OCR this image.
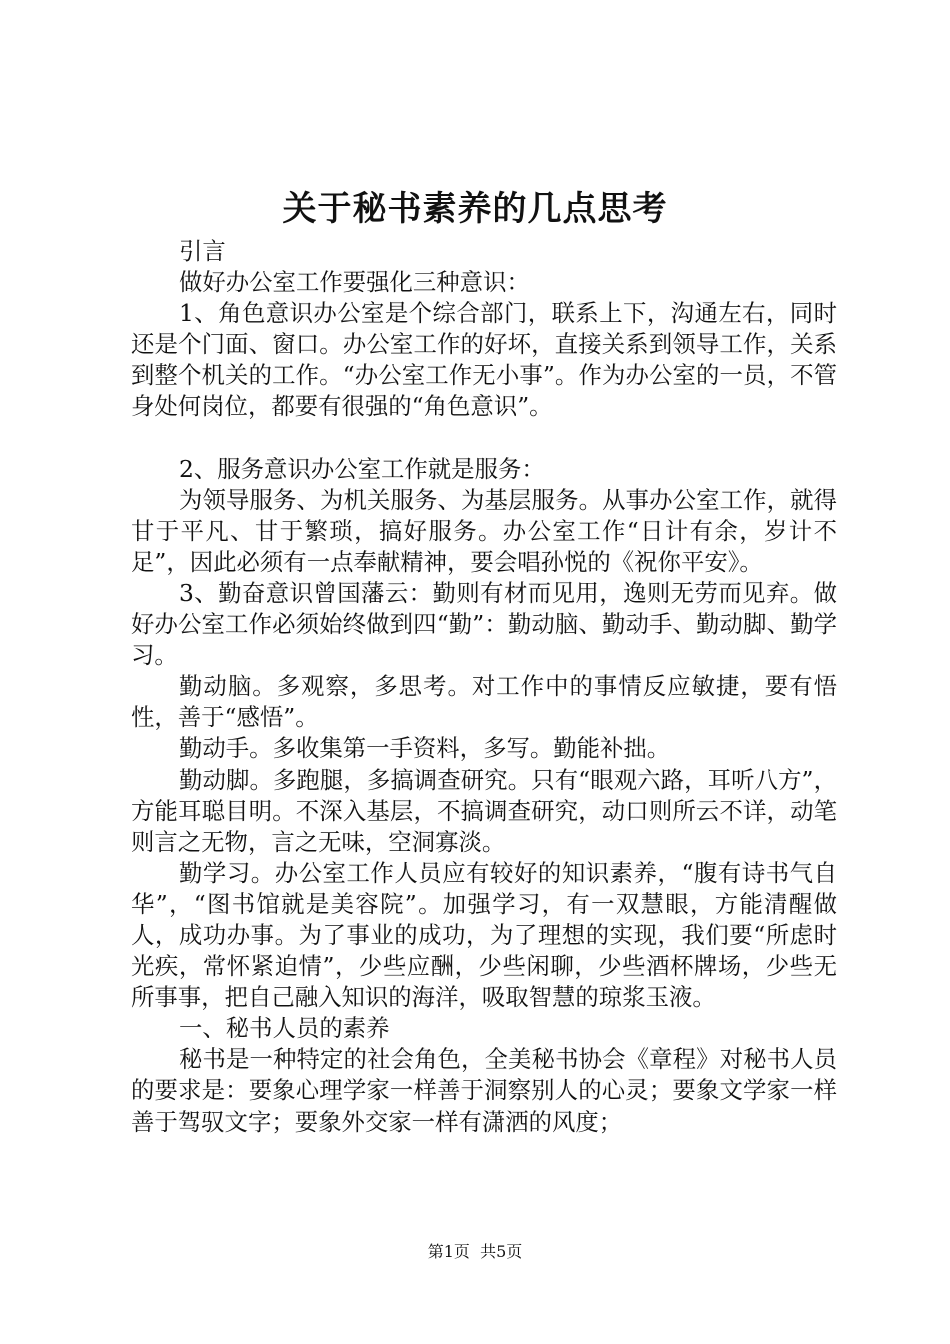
关于秘书素养的几点思考

引言

做好办公室工作要强化三种意识：

1、角色意识办公室是个综合部门，联系上下，沟通左右，同时还是个门面、窗口。办公室工作的好坏，直接关系到领导工作，关系到整个机关的工作。“办公室工作无小事”。作为办公室的一员，不管身处何岗位，都要有很强的“角色意识”。

2、服务意识办公室工作就是服务：

为领导服务、为机关服务、为基层服务。从事办公室工作，就得甘于平凡、甘于繁琐，搞好服务。办公室工作“日计有余，岁计不足”，因此必须有一点奉献精神，要会唱孙悦的《祝你平安》。

3、勤奋意识曾国藩云：勤则有材而见用，逸则无劳而见弃。做好办公室工作必须始终做到四“勤”：勤动脑、勤动手、勤动脚、勤学习。

勤动脑。多观察，多思考。对工作中的事情反应敏捷，要有悟性，善于“感悟”。

勤动手。多收集第一手资料，多写。勤能补拙。

勤动脚。多跑腿，多搞调查研究。只有“眼观六路，耳听八方”，方能耳聪目明。不深入基层，不搞调查研究，动口则所云不详，动笔则言之无物，言之无味，空洞寡淡。

勤学习。办公室工作人员应有较好的知识素养，“腹有诗书气自华”，“图书馆就是美容院”。加强学习，有一双慧眼，方能清醒做人，成功办事。为了事业的成功，为了理想的实现，我们要“所虑时光疾，常怀紧迫情”，少些应酬，少些闲聊，少些酒杯牌场，少些无所事事，把自己融入知识的海洋，吸取智慧的琼浆玉液。

一、秘书人员的素养

秘书是一种特定的社会角色，全美秘书协会《章程》对秘书人员的要求是：要象心理学家一样善于洞察别人的心灵；要象文学家一样善于驾驭文字；要象外交家一样有潇洒的风度；

第1页  共5页
